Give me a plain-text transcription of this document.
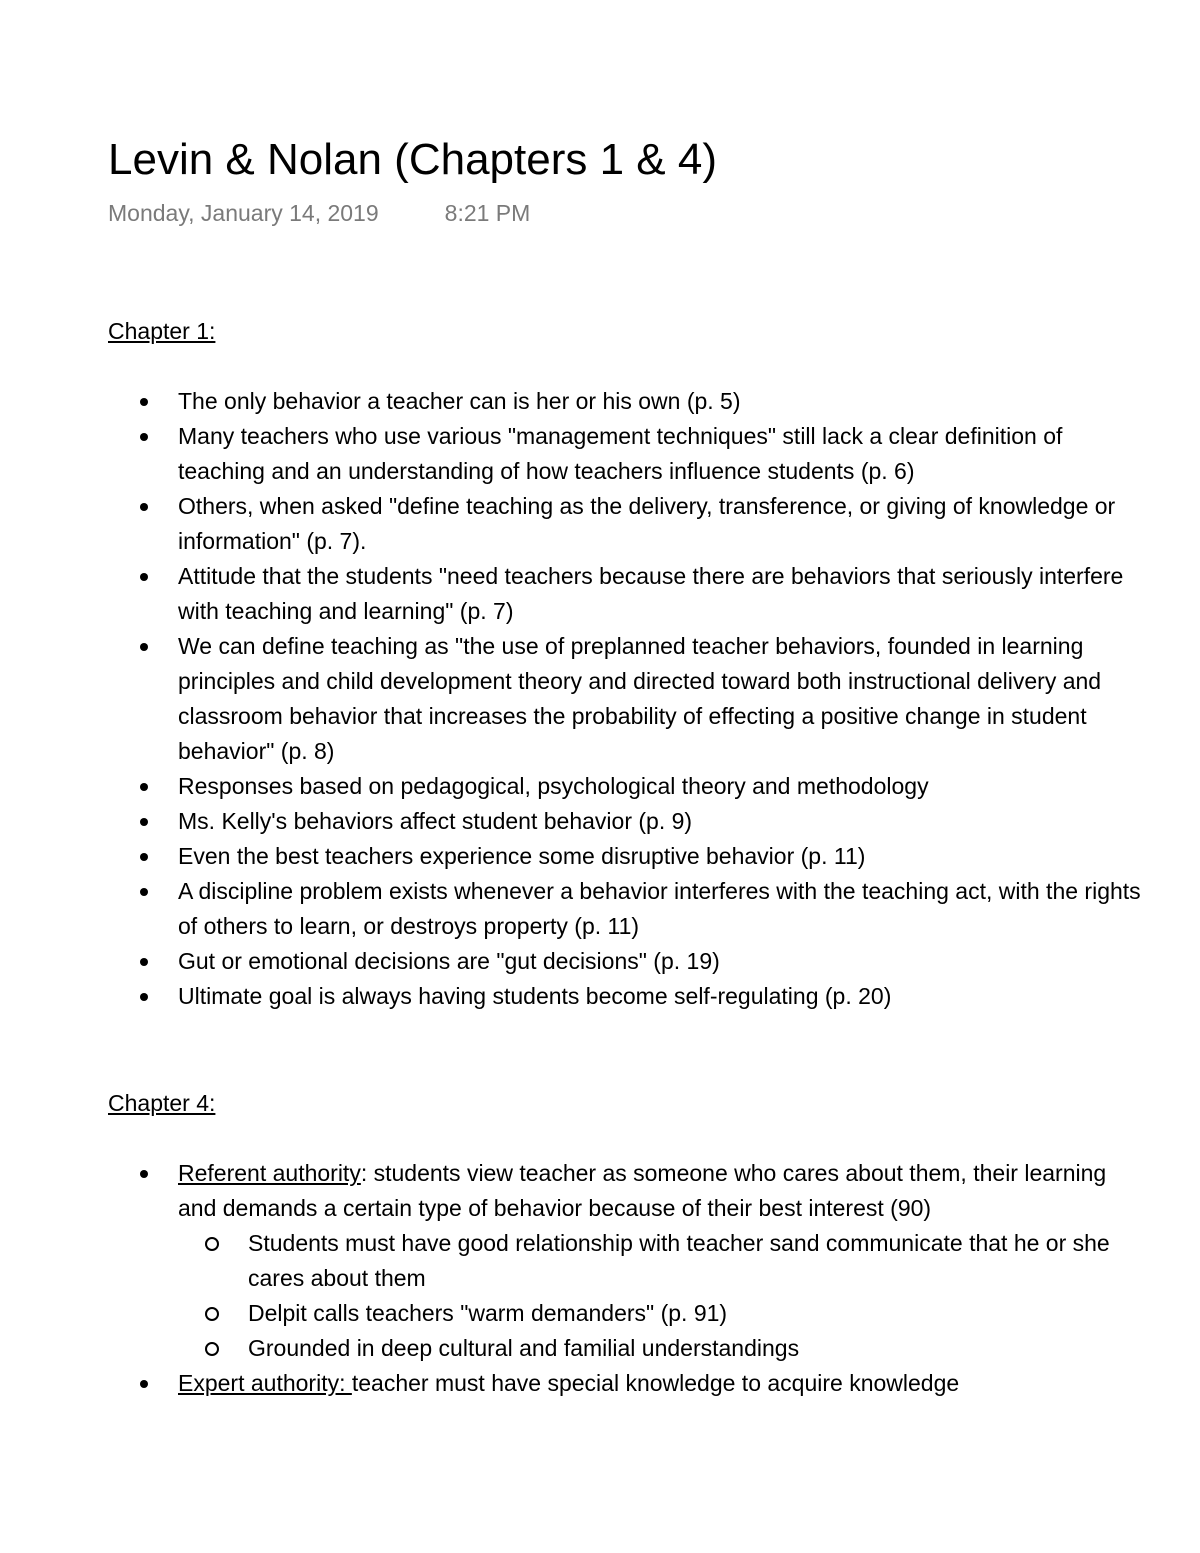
Levin & Nolan (Chapters 1 & 4)
Monday, January 14, 2019	8:21 PM
Chapter 1:
The only behavior a teacher can is her or his own (p. 5)
Many teachers who use various "management techniques" still lack a clear definition of teaching and an understanding of how teachers influence students (p. 6)
Others, when asked "define teaching as the delivery, transference, or giving of knowledge or information" (p. 7).
Attitude that the students "need teachers because there are behaviors that seriously interfere with teaching and learning" (p. 7)
We can define teaching as "the use of preplanned teacher behaviors, founded in learning principles and child development theory and directed toward both instructional delivery and classroom behavior that increases the probability of effecting a positive change in student behavior" (p. 8)
Responses based on pedagogical, psychological theory and methodology
Ms. Kelly's behaviors affect student behavior (p. 9)
Even the best teachers experience some disruptive behavior (p. 11)
A discipline problem exists whenever a behavior interferes with the teaching act, with the rights of others to learn, or destroys property (p. 11)
Gut or emotional decisions are "gut decisions" (p. 19)
Ultimate goal is always having students become self-regulating (p. 20)
Chapter 4:
Referent authority: students view teacher as someone who cares about them, their learning and demands a certain type of behavior because of their best interest (90)
Students must have good relationship with teacher sand communicate that he or she cares about them
Delpit calls teachers "warm demanders" (p. 91)
Grounded in deep cultural and familial understandings
Expert authority: teacher must have special knowledge to acquire knowledge
